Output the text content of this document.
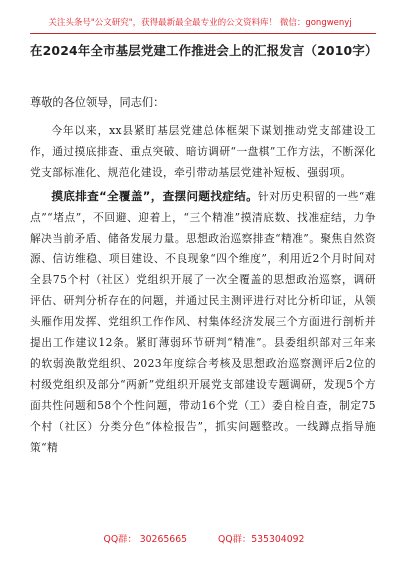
关注头条号"公文研究"，获得最新最全最专业的公文资料库！ 微信：gongwenyj
在2024年全市基层党建工作推进会上的汇报发言（2010字）
尊敬的各位领导，同志们：

今年以来，xx县紧盯基层党建总体框架下谋划推动党支部建设工作，通过摸底排查、重点突破、暗访调研“一盘棋”工作方法，不断深化党支部标准化、规范化建设，牵引带动基层党建补短板、强弱项。

摸底排查“全覆盖”，查摆问题找症结。针对历史积留的一些“难点”“堵点”，不回避、迎着上，“三个精准”摸清底数、找准症结，力争解决当前矛盾、储备发展力量。思想政治巡察排查“精准”。聚焦自然资源、信访维稳、项目建设、不良现象“四个维度”，利用近2个月时间对全县75个村（社区）党组织开展了一次全覆盖的思想政治巡察，调研评估、研判分析存在的问题，并通过民主测评进行对比分析印证，从领头雁作用发挥、党组织工作作风、村集体经济发展三个方面进行剖析并提出工作建议12条。紧盯薄弱环节研判“精准”。县委组织部对三年来的软弱涣散党组织、2023年度综合考核及思想政治巡察测评后2位的村级党组织及部分“两新”党组织开展党支部建设专题调研，发现5个方面共性问题和58个个性问题，带动16个党（工）委自检自查，制定75个村（社区）分类分色“体检报告”，抓实问题整改。一线蹲点指导施策“精

QQ群： 30265665	QQ群：535304092
